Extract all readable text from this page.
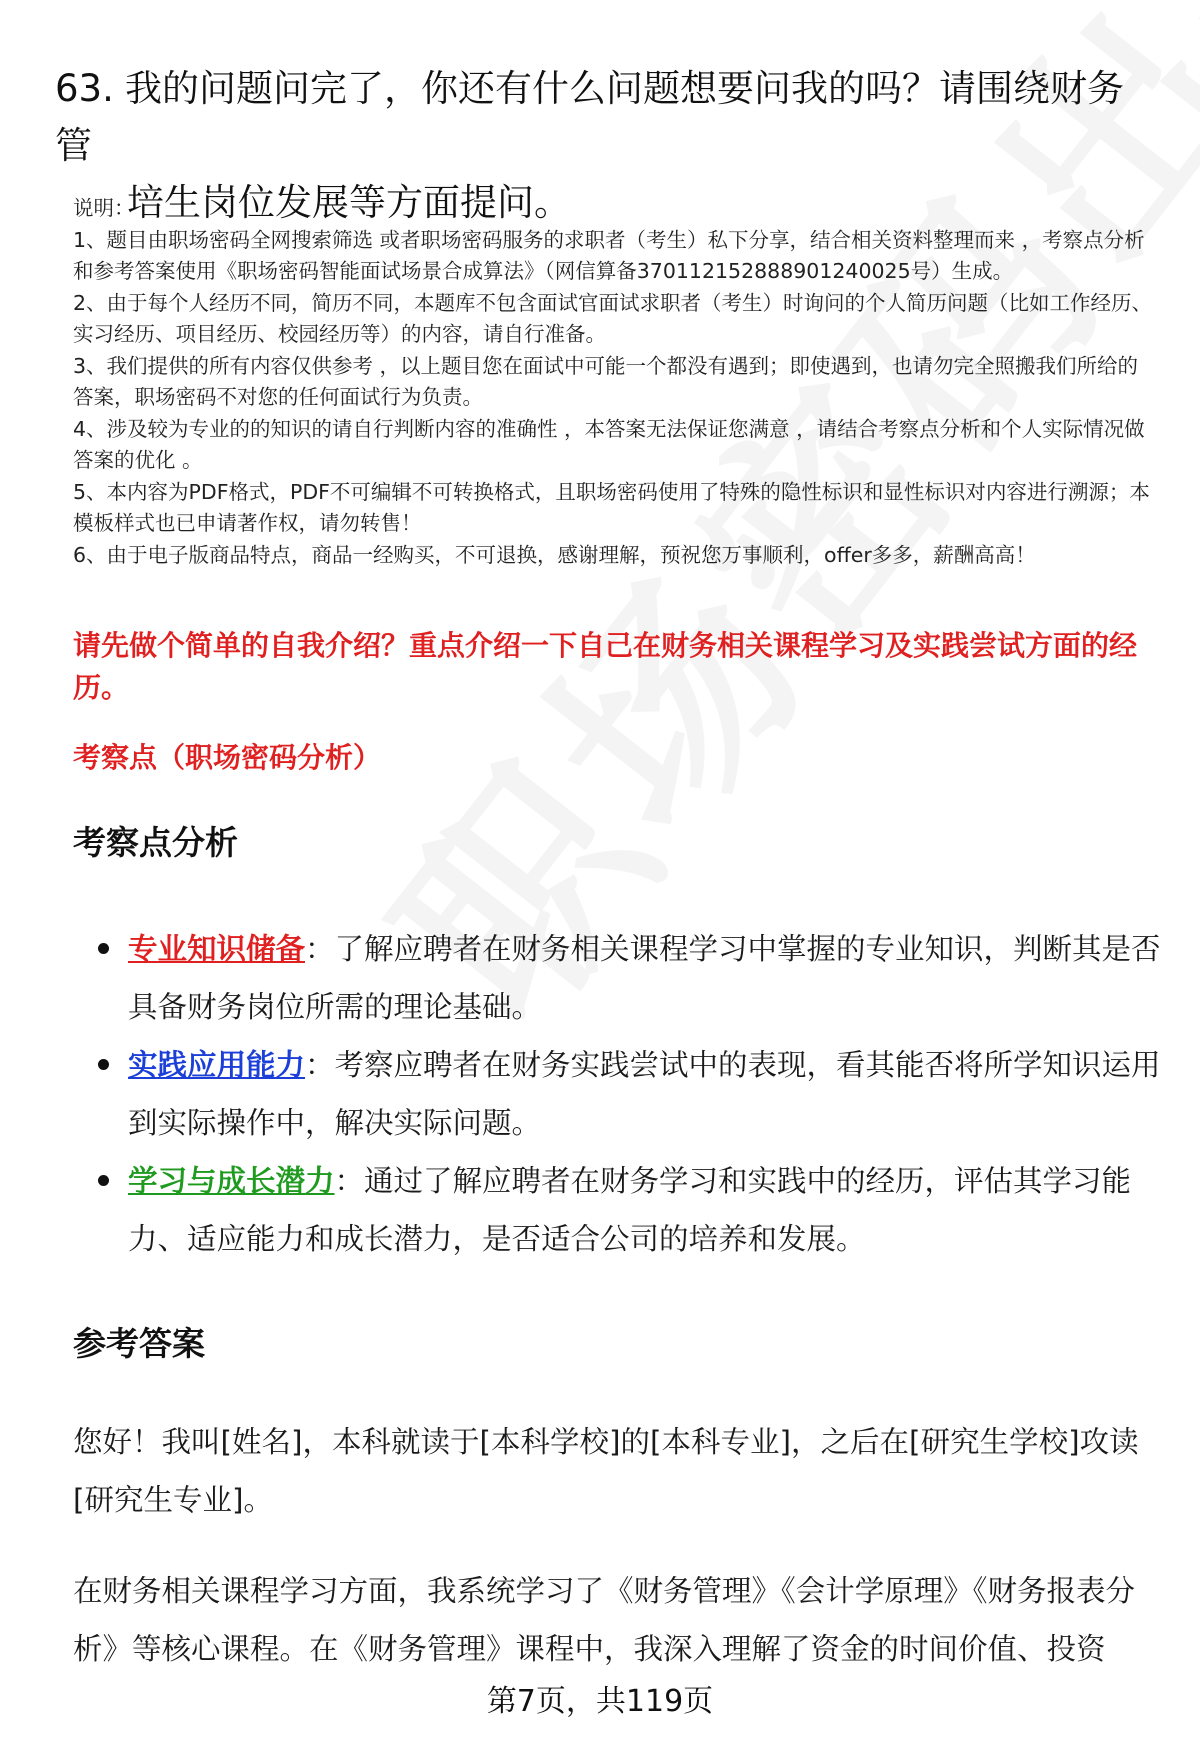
63. 我的问题问完了，你还有什么问题想要问我的吗？请围绕财务管
培生岗位发展等方面提问。
说明：
1、题目由职场密码全网搜索筛选 或者职场密码服务的求职者（考生）私下分享，结合相关资料整理而来 ，考察点分析和参考答案使用《职场密码智能面试场景合成算法》（网信算备370112152888901240025号）生成。
2、由于每个人经历不同，简历不同，本题库不包含面试官面试求职者（考生）时询问的个人简历问题（比如工作经历、实习经历、项目经历、校园经历等）的内容，请自行准备。
3、我们提供的所有内容仅供参考 ，以上题目您在面试中可能一个都没有遇到；即使遇到，也请勿完全照搬我们所给的答案，职场密码不对您的任何面试行为负责。
4、涉及较为专业的的知识的请自行判断内容的准确性 ，本答案无法保证您满意 ，请结合考察点分析和个人实际情况做答案的优化 。
5、本内容为PDF格式，PDF不可编辑不可转换格式，且职场密码使用了特殊的隐性标识和显性标识对内容进行溯源；本模板样式也已申请著作权，请勿转售！
6、由于电子版商品特点，商品一经购买，不可退换，感谢理解，预祝您万事顺利，offer多多，薪酬高高！
请先做个简单的自我介绍？重点介绍一下自己在财务相关课程学习及实践尝试方面的经历。
考察点（职场密码分析）
考察点分析
专业知识储备：了解应聘者在财务相关课程学习中掌握的专业知识，判断其是否具备财务岗位所需的理论基础。
实践应用能力：考察应聘者在财务实践尝试中的表现，看其能否将所学知识运用到实际操作中，解决实际问题。
学习与成长潜力：通过了解应聘者在财务学习和实践中的经历，评估其学习能力、适应能力和成长潜力，是否适合公司的培养和发展。
参考答案
您好！我叫[姓名]，本科就读于[本科学校]的[本科专业]，之后在[研究生学校]攻读[研究生专业]。
在财务相关课程学习方面，我系统学习了《财务管理》《会计学原理》《财务报表分析》等核心课程。在《财务管理》课程中，我深入理解了资金的时间价值、投资
第7页，共119页
